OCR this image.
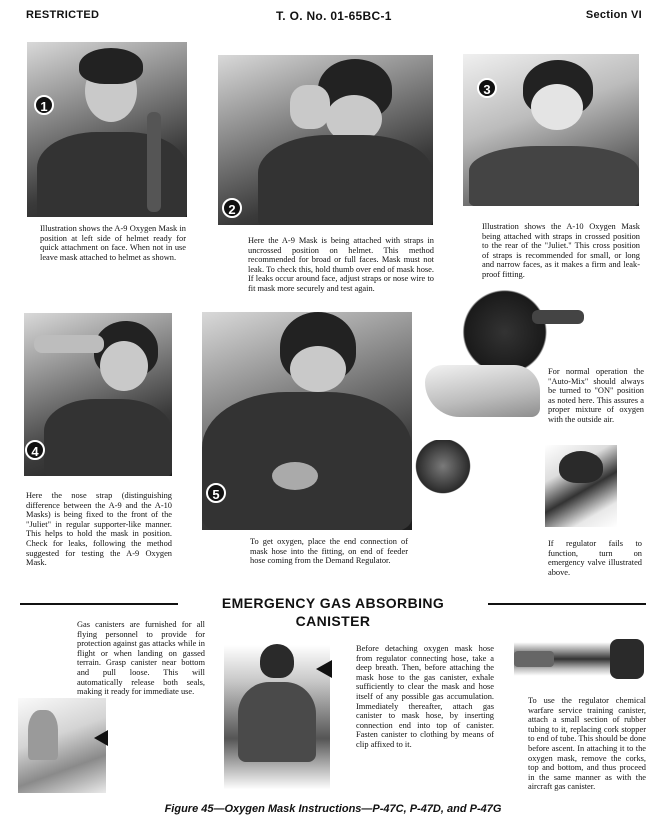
RESTRICTED	T. O. No. 01-65BC-1	Section VI
1
2
3
Illustration shows the A-9 Oxygen Mask in position at left side of helmet ready for quick attachment on face. When not in use leave mask attached to helmet as shown.
Here the A-9 Mask is being attached with straps in uncrossed position on helmet. This method recommended for broad or full faces. Mask must not leak. To check this, hold thumb over end of mask hose. If leaks occur around face, adjust straps or nose wire to fit mask more securely and test again.
Illustration shows the A-10 Oxygen Mask being attached with straps in crossed position to the rear of the "Juliet." This cross position of straps is recommended for small, or long and narrow faces, as it makes a firm and leak-proof fitting.
4
5
For normal operation the "Auto-Mix" should always be turned to "ON" position as noted here. This assures a proper mixture of oxygen with the outside air.
Here the nose strap (distinguishing difference between the A-9 and the A-10 Masks) is being fixed to the front of the "Juliet" in regular supporter-like manner. This helps to hold the mask in position. Check for leaks, following the method suggested for testing the A-9 Oxygen Mask.
To get oxygen, place the end connection of mask hose into the fitting, on end of feeder hose coming from the Demand Regulator.
If regulator fails to function, turn on emergency valve illustrated above.
EMERGENCY GAS ABSORBING CANISTER
Gas canisters are furnished for all flying personnel to provide for protection against gas attacks while in flight or when landing on gassed terrain. Grasp canister near bottom and pull loose. This will automatically release both seals, making it ready for immediate use.
Before detaching oxygen mask hose from regulator connecting hose, take a deep breath. Then, before attaching the mask hose to the gas canister, exhale sufficiently to clear the mask and hose itself of any possible gas accumulation. Immediately thereafter, attach gas canister to mask hose, by inserting connection end into top of canister. Fasten canister to clothing by means of clip affixed to it.
To use the regulator chemical warfare service training canister, attach a small section of rubber tubing to it, replacing cork stopper to end of tube. This should be done before ascent. In attaching it to the oxygen mask, remove the corks, top and bottom, and thus proceed in the same manner as with the aircraft gas canister.
Figure 45—Oxygen Mask Instructions—P-47C, P-47D, and P-47G
